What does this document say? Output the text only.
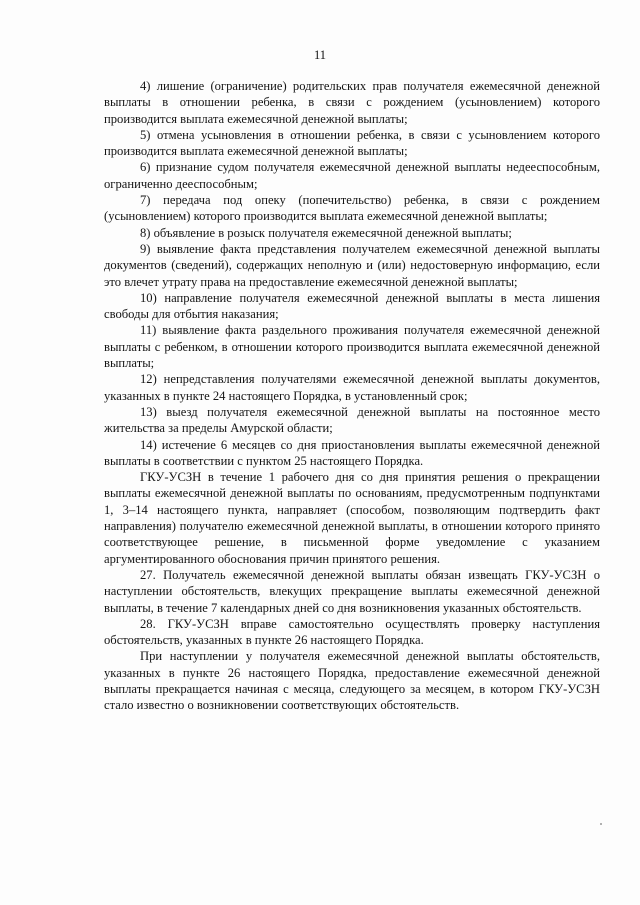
11

4) лишение (ограничение) родительских прав получателя ежемесячной денежной выплаты в отношении ребенка, в связи с рождением (усыновлением) которого производится выплата ежемесячной денежной выплаты;

5) отмена усыновления в отношении ребенка, в связи с усыновлением которого производится выплата ежемесячной денежной выплаты;

6) признание судом получателя ежемесячной денежной выплаты недееспособным, ограниченно дееспособным;

7) передача под опеку (попечительство) ребенка, в связи с рождением (усыновлением) которого производится выплата ежемесячной денежной выплаты;

8) объявление в розыск получателя ежемесячной денежной выплаты;

9) выявление факта представления получателем ежемесячной денежной выплаты документов (сведений), содержащих неполную и (или) недостоверную информацию, если это влечет утрату права на предоставление ежемесячной денежной выплаты;

10) направление получателя ежемесячной денежной выплаты в места лишения свободы для отбытия наказания;

11) выявление факта раздельного проживания получателя ежемесячной денежной выплаты с ребенком, в отношении которого производится выплата ежемесячной денежной выплаты;

12) непредставления получателями ежемесячной денежной выплаты документов, указанных в пункте 24 настоящего Порядка, в установленный срок;

13) выезд получателя ежемесячной денежной выплаты на постоянное место жительства за пределы Амурской области;

14) истечение 6 месяцев со дня приостановления выплаты ежемесячной денежной выплаты в соответствии с пунктом 25 настоящего Порядка.

ГКУ-УСЗН в течение 1 рабочего дня со дня принятия решения о прекращении выплаты ежемесячной денежной выплаты по основаниям, предусмотренным подпунктами 1, 3–14 настоящего пункта, направляет (способом, позволяющим подтвердить факт направления) получателю ежемесячной денежной выплаты, в отношении которого принято соответствующее решение, в письменной форме уведомление с указанием аргументированного обоснования причин принятого решения.

27. Получатель ежемесячной денежной выплаты обязан извещать ГКУ-УСЗН о наступлении обстоятельств, влекущих прекращение выплаты ежемесячной денежной выплаты, в течение 7 календарных дней со дня возникновения указанных обстоятельств.

28. ГКУ-УСЗН вправе самостоятельно осуществлять проверку наступления обстоятельств, указанных в пункте 26 настоящего Порядка.

При наступлении у получателя ежемесячной денежной выплаты обстоятельств, указанных в пункте 26 настоящего Порядка, предоставление ежемесячной денежной выплаты прекращается начиная с месяца, следующего за месяцем, в котором ГКУ-УСЗН стало известно о возникновении соответствующих обстоятельств.
